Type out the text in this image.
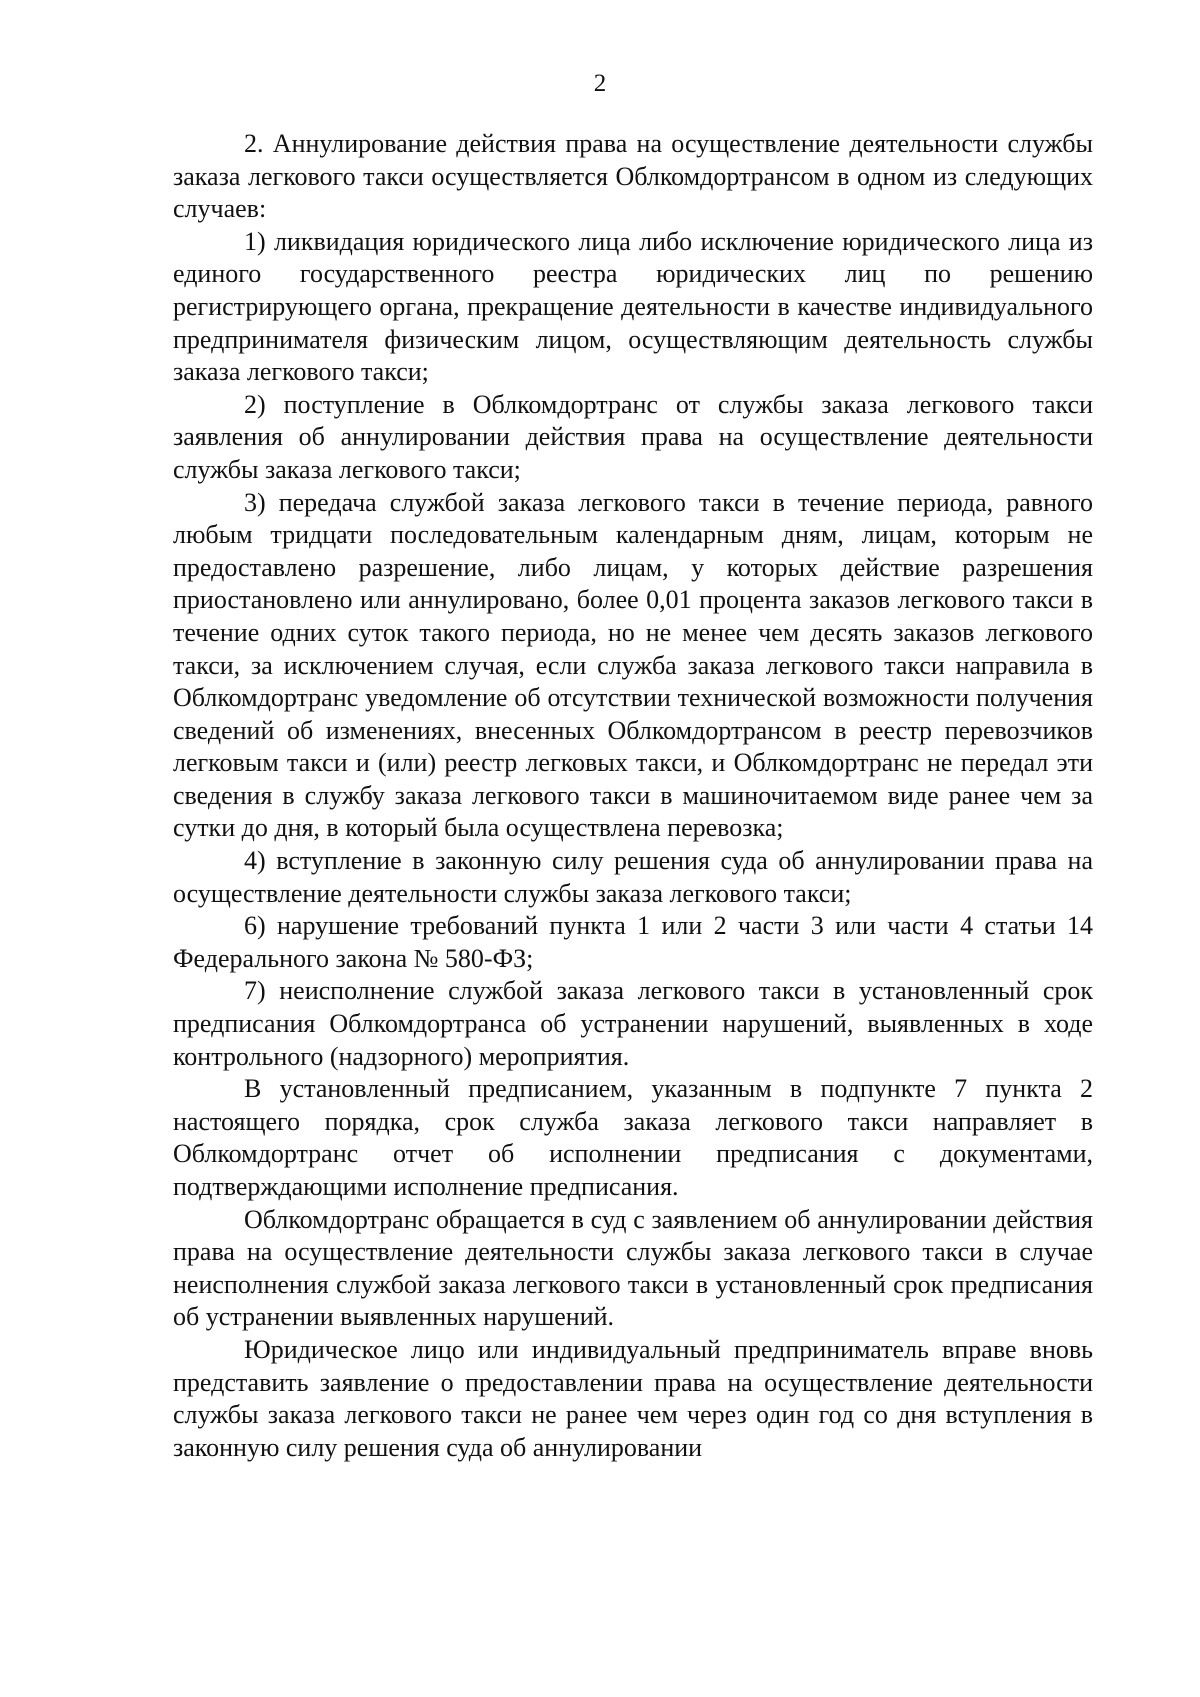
2

2. Аннулирование действия права на осуществление деятельности службы заказа легкового такси осуществляется Облкомдортрансом в одном из следующих случаев:

1) ликвидация юридического лица либо исключение юридического лица из единого государственного реестра юридических лиц по решению регистрирующего органа, прекращение деятельности в качестве индивидуального предпринимателя физическим лицом, осуществляющим деятельность службы заказа легкового такси;

2) поступление в Облкомдортранс от службы заказа легкового такси заявления об аннулировании действия права на осуществление деятельности службы заказа легкового такси;

3) передача службой заказа легкового такси в течение периода, равного любым тридцати последовательным календарным дням, лицам, которым не предоставлено разрешение, либо лицам, у которых действие разрешения приостановлено или аннулировано, более 0,01 процента заказов легкового такси в течение одних суток такого периода, но не менее чем десять заказов легкового такси, за исключением случая, если служба заказа легкового такси направила в Облкомдортранс уведомление об отсутствии технической возможности получения сведений об изменениях, внесенных Облкомдортрансом в реестр перевозчиков легковым такси и (или) реестр легковых такси, и Облкомдортранс не передал эти сведения в службу заказа легкового такси в машиночитаемом виде ранее чем за сутки до дня, в который была осуществлена перевозка;

4) вступление в законную силу решения суда об аннулировании права на осуществление деятельности службы заказа легкового такси;

6) нарушение требований пункта 1 или 2 части 3 или части 4 статьи 14 Федерального закона № 580-ФЗ;

7) неисполнение службой заказа легкового такси в установленный срок предписания Облкомдортранса об устранении нарушений, выявленных в ходе контрольного (надзорного) мероприятия.

В установленный предписанием, указанным в подпункте 7 пункта 2 настоящего порядка, срок служба заказа легкового такси направляет в Облкомдортранс отчет об исполнении предписания с документами, подтверждающими исполнение предписания.

Облкомдортранс обращается в суд с заявлением об аннулировании действия права на осуществление деятельности службы заказа легкового такси в случае неисполнения службой заказа легкового такси в установленный срок предписания об устранении выявленных нарушений.

Юридическое лицо или индивидуальный предприниматель вправе вновь представить заявление о предоставлении права на осуществление деятельности службы заказа легкового такси не ранее чем через один год со дня вступления в законную силу решения суда об аннулировании
